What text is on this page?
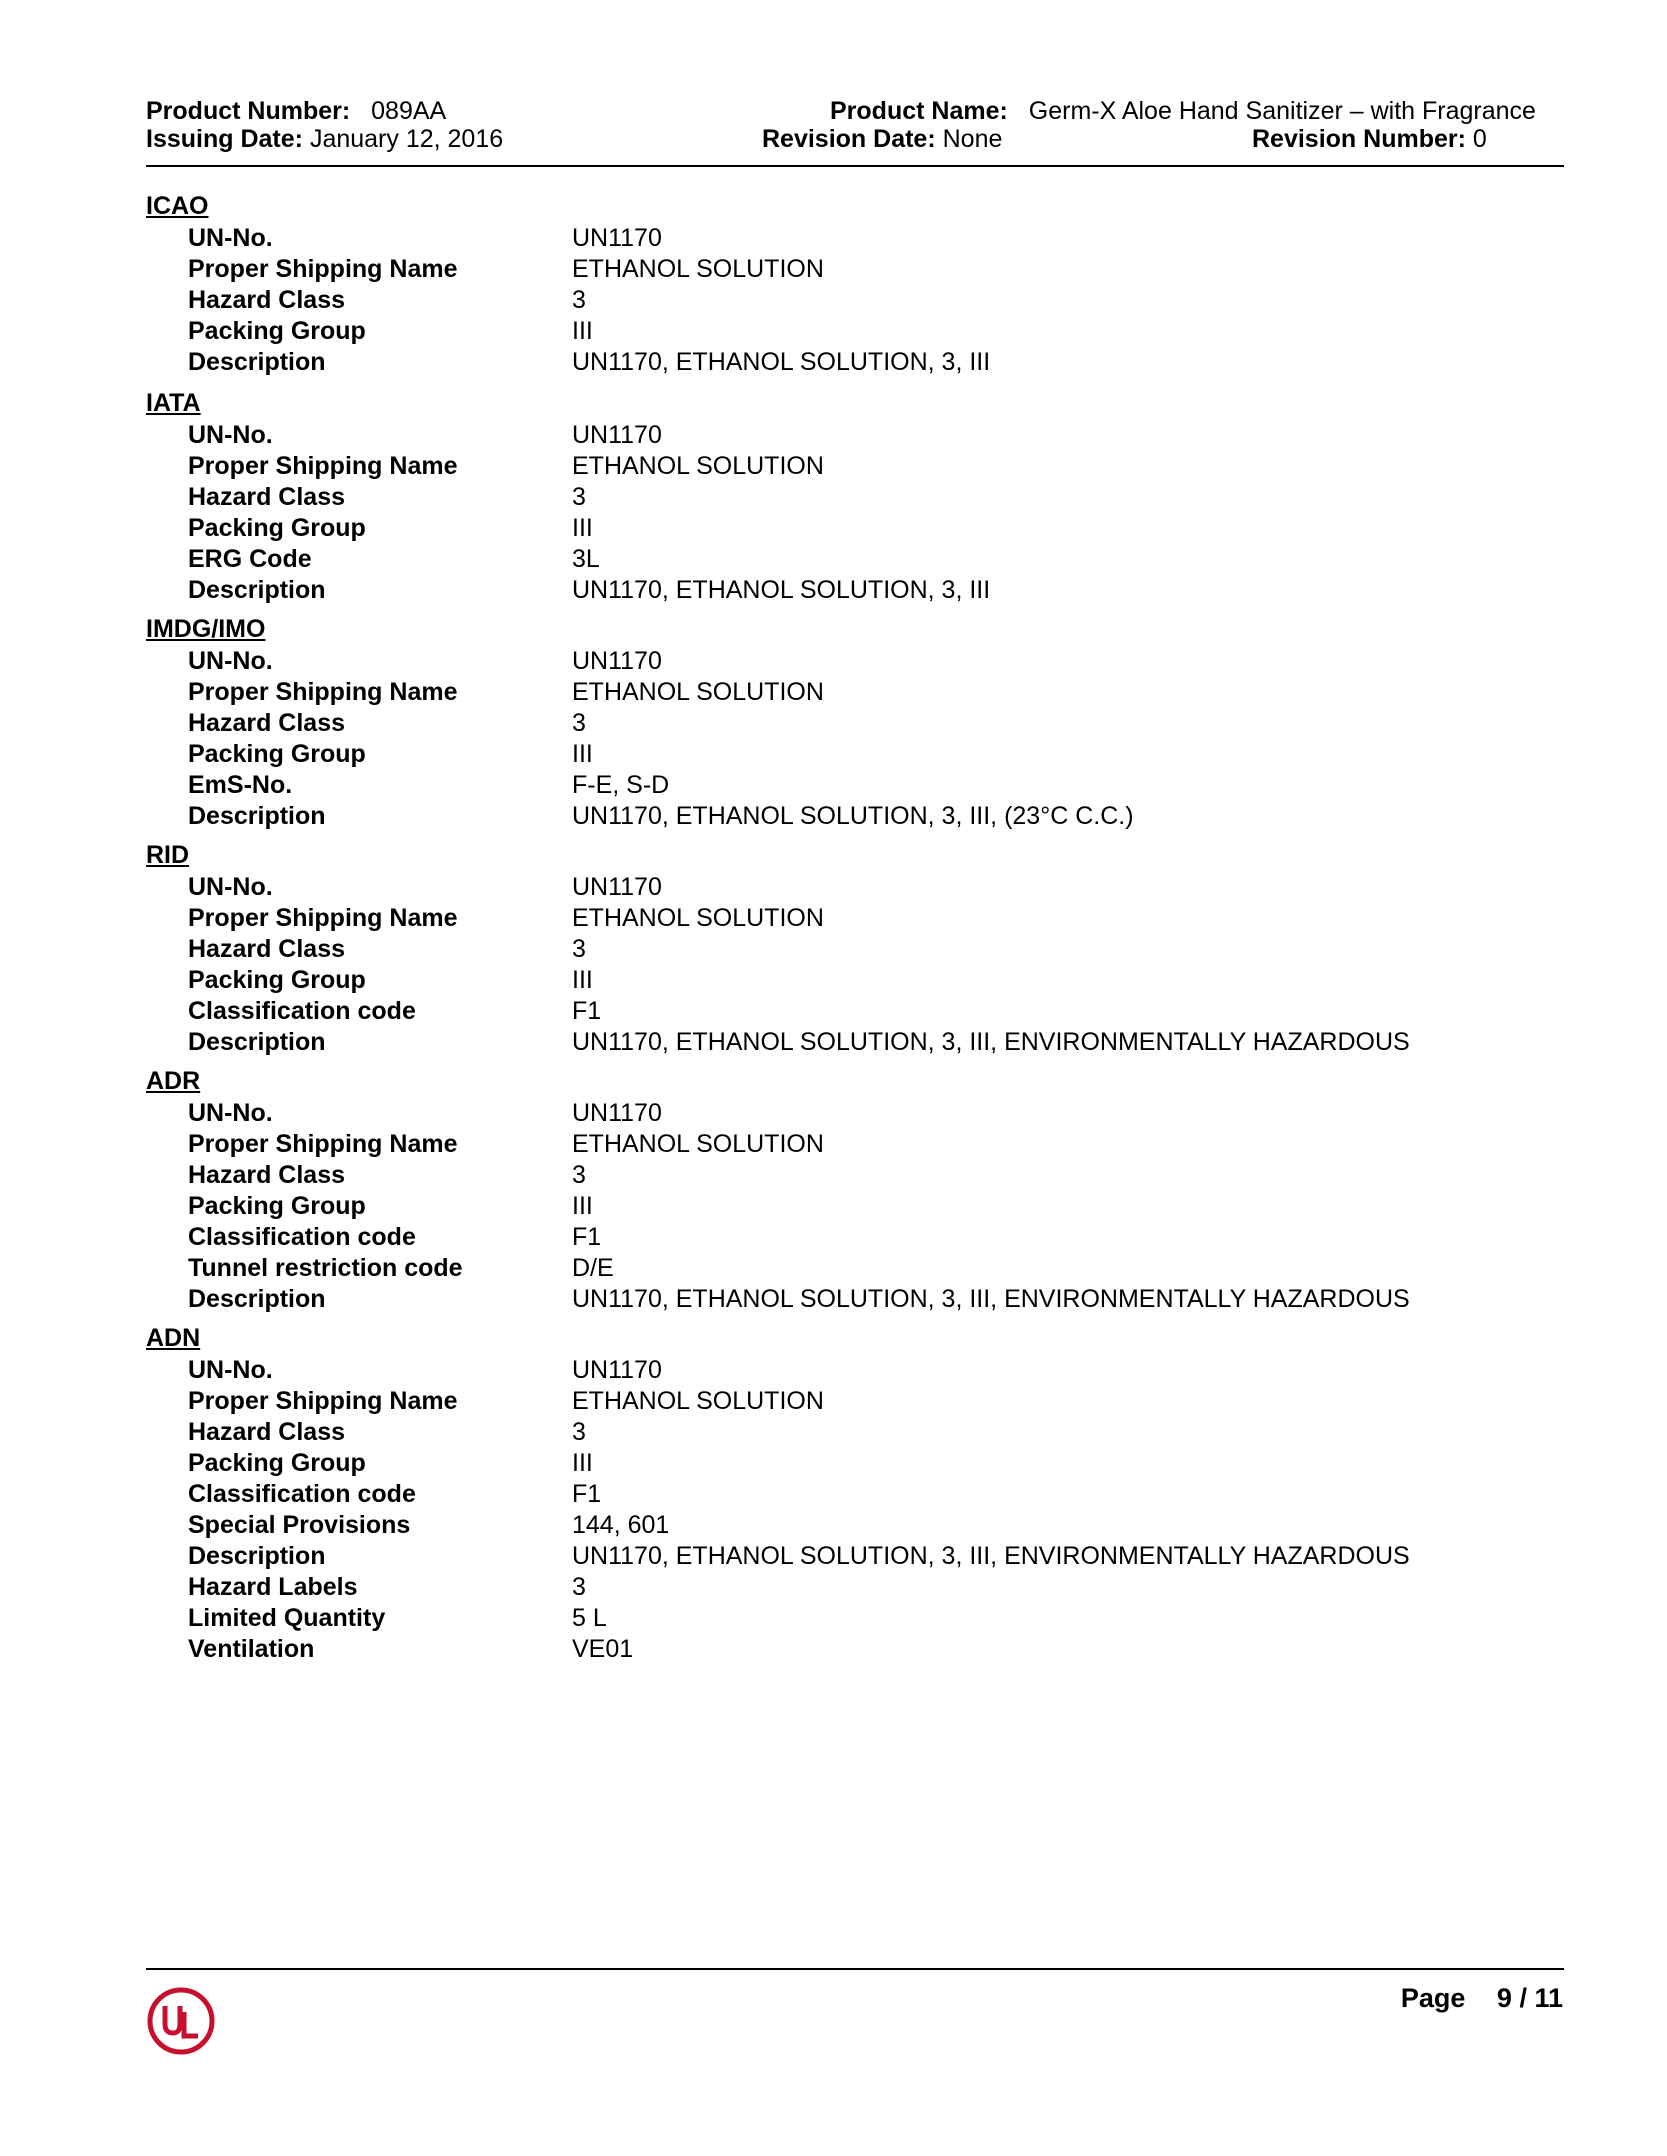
Product Number: 089AA
Issuing Date: January 12, 2016
Product Name: Germ-X Aloe Hand Sanitizer – with Fragrance
Revision Date: None	Revision Number: 0
ICAO
UN-No.	UN1170
Proper Shipping Name	ETHANOL SOLUTION
Hazard Class	3
Packing Group	III
Description	UN1170, ETHANOL SOLUTION, 3, III
IATA
UN-No.	UN1170
Proper Shipping Name	ETHANOL SOLUTION
Hazard Class	3
Packing Group	III
ERG Code	3L
Description	UN1170, ETHANOL SOLUTION, 3, III
IMDG/IMO
UN-No.	UN1170
Proper Shipping Name	ETHANOL SOLUTION
Hazard Class	3
Packing Group	III
EmS-No.	F-E, S-D
Description	UN1170, ETHANOL SOLUTION, 3, III, (23°C C.C.)
RID
UN-No.	UN1170
Proper Shipping Name	ETHANOL SOLUTION
Hazard Class	3
Packing Group	III
Classification code	F1
Description	UN1170, ETHANOL SOLUTION, 3, III, ENVIRONMENTALLY HAZARDOUS
ADR
UN-No.	UN1170
Proper Shipping Name	ETHANOL SOLUTION
Hazard Class	3
Packing Group	III
Classification code	F1
Tunnel restriction code	D/E
Description	UN1170, ETHANOL SOLUTION, 3, III, ENVIRONMENTALLY HAZARDOUS
ADN
UN-No.	UN1170
Proper Shipping Name	ETHANOL SOLUTION
Hazard Class	3
Packing Group	III
Classification code	F1
Special Provisions	144, 601
Description	UN1170, ETHANOL SOLUTION, 3, III, ENVIRONMENTALLY HAZARDOUS
Hazard Labels	3
Limited Quantity	5 L
Ventilation	VE01
Page 9 / 11
